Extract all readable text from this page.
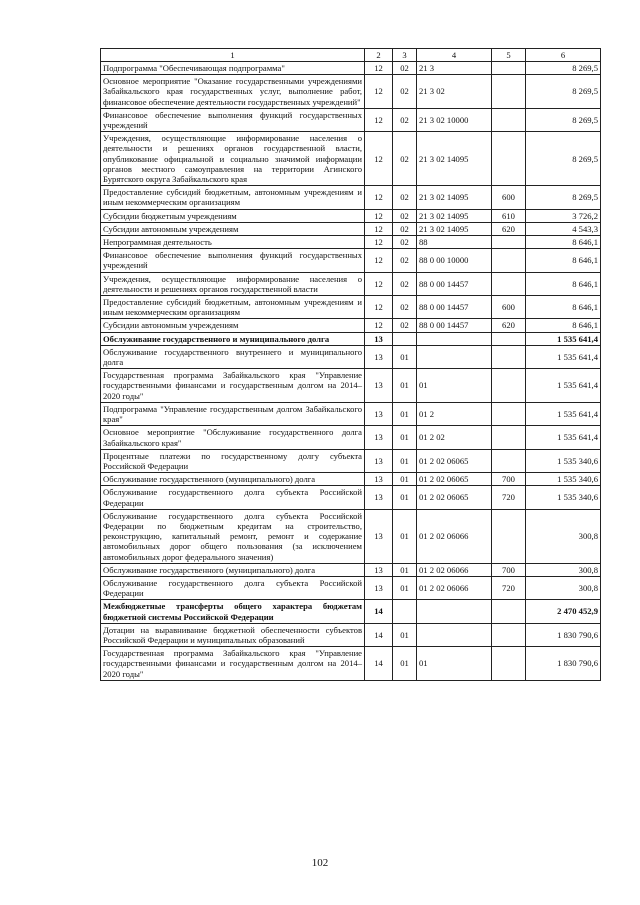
1	2	3	4	5	6
Подпрограмма "Обеспечивающая подпрограмма"	12	02	21 3		8 269,5
Основное мероприятие "Оказание государственными учреждениями Забайкальского края государственных услуг, выполнение работ, финансовое обеспечение деятельности государственных учреждений"	12	02	21 3 02		8 269,5
Финансовое обеспечение выполнения функций государственных учреждений	12	02	21 3 02 10000		8 269,5
Учреждения, осуществляющие информирование населения о деятельности и решениях органов государственной власти, опубликование официальной и социально значимой информации органов местного самоуправления на территории Агинского Бурятского округа Забайкальского края	12	02	21 3 02 14095		8 269,5
Предоставление субсидий бюджетным, автономным учреждениям и иным некоммерческим организациям	12	02	21 3 02 14095	600	8 269,5
Субсидии бюджетным учреждениям	12	02	21 3 02 14095	610	3 726,2
Субсидии автономным учреждениям	12	02	21 3 02 14095	620	4 543,3
Непрограммная деятельность	12	02	88		8 646,1
Финансовое обеспечение выполнения функций государственных учреждений	12	02	88 0 00 10000		8 646,1
Учреждения, осуществляющие информирование населения о деятельности и решениях органов государственной власти	12	02	88 0 00 14457		8 646,1
Предоставление субсидий бюджетным, автономным учреждениям и иным некоммерческим организациям	12	02	88 0 00 14457	600	8 646,1
Субсидии автономным учреждениям	12	02	88 0 00 14457	620	8 646,1
Обслуживание государственного и муниципального долга	13				1 535 641,4
Обслуживание государственного внутреннего и муниципального долга	13	01			1 535 641,4
Государственная программа Забайкальского края "Управление государственными финансами и государственным долгом на 2014–2020 годы"	13	01	01		1 535 641,4
Подпрограмма "Управление государственным долгом Забайкальского края"	13	01	01 2		1 535 641,4
Основное мероприятие "Обслуживание государственного долга Забайкальского края"	13	01	01 2 02		1 535 641,4
Процентные платежи по государственному долгу субъекта Российской Федерации	13	01	01 2 02 06065		1 535 340,6
Обслуживание государственного (муниципального) долга	13	01	01 2 02 06065	700	1 535 340,6
Обслуживание государственного долга субъекта Российской Федерации	13	01	01 2 02 06065	720	1 535 340,6
Обслуживание государственного долга субъекта Российской Федерации по бюджетным кредитам на строительство, реконструкцию, капитальный ремонт, ремонт и содержание автомобильных дорог общего пользования (за исключением автомобильных дорог федерального значения)	13	01	01 2 02 06066		300,8
Обслуживание государственного (муниципального) долга	13	01	01 2 02 06066	700	300,8
Обслуживание государственного долга субъекта Российской Федерации	13	01	01 2 02 06066	720	300,8
Межбюджетные трансферты общего характера бюджетам бюджетной системы Российской Федерации	14				2 470 452,9
Дотации на выравнивание бюджетной обеспеченности субъектов Российской Федерации и муниципальных образований	14	01			1 830 790,6
Государственная программа Забайкальского края "Управление государственными финансами и государственным долгом на 2014–2020 годы"	14	01	01		1 830 790,6
102
